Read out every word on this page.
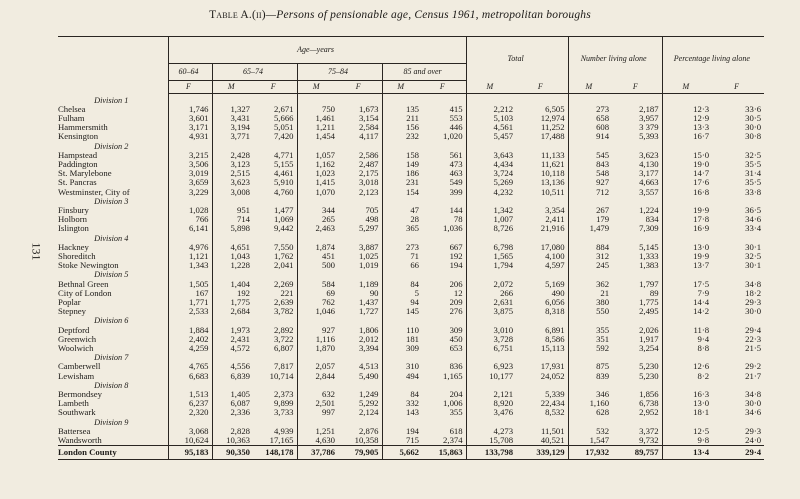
131
Table A.(ii)—Persons of pensionable age, Census 1961, metropolitan boroughs
	Age—years							Total		Number living alone		Percentage living alone	
	60–64	65–74		75–84		85 and over							
	F	M	F	M	F	M	F	M	F	M	F	M	F
Division 1													
Chelsea	1,746	1,327	2,671	750	1,673	135	415	2,212	6,505	273	2,187	12·3	33·6
Fulham	3,601	3,431	5,666	1,461	3,154	211	553	5,103	12,974	658	3,957	12·9	30·5
Hammersmith	3,171	3,194	5,051	1,211	2,584	156	446	4,561	11,252	608	3 379	13·3	30·0
Kensington	4,931	3,771	7,420	1,454	4,117	232	1,020	5,457	17,488	914	5,393	16·7	30·8
Division 2													
Hampstead	3,215	2,428	4,771	1,057	2,586	158	561	3,643	11,133	545	3,623	15·0	32·5
Paddington	3,506	3,123	5,155	1,162	2,487	149	473	4,434	11,621	843	4,130	19·0	35·5
St. Marylebone	3,019	2,515	4,461	1,023	2,175	186	463	3,724	10,118	548	3,177	14·7	31·4
St. Pancras	3,659	3,623	5,910	1,415	3,018	231	549	5,269	13,136	927	4,663	17·6	35·5
Westminster, City of	3,229	3,008	4,760	1,070	2,123	154	399	4,232	10,511	712	3,557	16·8	33·8
Division 3													
Finsbury	1,028	951	1,477	344	705	47	144	1,342	3,354	267	1,224	19·9	36·5
Holborn	766	714	1,069	265	498	28	78	1,007	2,411	179	834	17·8	34·6
Islington	6,141	5,898	9,442	2,463	5,297	365	1,036	8,726	21,916	1,479	7,309	16·9	33·4
Division 4													
Hackney	4,976	4,651	7,550	1,874	3,887	273	667	6,798	17,080	884	5,145	13·0	30·1
Shoreditch	1,121	1,043	1,762	451	1,025	71	192	1,565	4,100	312	1,333	19·9	32·5
Stoke Newington	1,343	1,228	2,041	500	1,019	66	194	1,794	4,597	245	1,383	13·7	30·1
Division 5													
Bethnal Green	1,505	1,404	2,269	584	1,189	84	206	2,072	5,169	362	1,797	17·5	34·8
City of London	167	192	221	69	90	5	12	266	490	21	89	7·9	18·2
Poplar	1,771	1,775	2,639	762	1,437	94	209	2,631	6,056	380	1,775	14·4	29·3
Stepney	2,533	2,684	3,782	1,046	1,727	145	276	3,875	8,318	550	2,495	14·2	30·0
Division 6													
Deptford	1,884	1,973	2,892	927	1,806	110	309	3,010	6,891	355	2,026	11·8	29·4
Greenwich	2,402	2,431	3,722	1,116	2,012	181	450	3,728	8,586	351	1,917	9·4	22·3
Woolwich	4,259	4,572	6,807	1,870	3,394	309	653	6,751	15,113	592	3,254	8·8	21·5
Division 7													
Camberwell	4,765	4,556	7,817	2,057	4,513	310	836	6,923	17,931	875	5,230	12·6	29·2
Lewisham	6,683	6,839	10,714	2,844	5,490	494	1,165	10,177	24,052	839	5,230	8·2	21·7
Division 8													
Bermondsey	1,513	1,405	2,373	632	1,249	84	204	2,121	5,339	346	1,856	16·3	34·8
Lambeth	6,237	6,087	9,899	2,501	5,292	332	1,006	8,920	22,434	1,160	6,738	13·0	30·0
Southwark	2,320	2,336	3,733	997	2,124	143	355	3,476	8,532	628	2,952	18·1	34·6
Division 9													
Battersea	3,068	2,828	4,939	1,251	2,876	194	618	4,273	11,501	532	3,372	12·5	29·3
Wandsworth	10,624	10,363	17,165	4,630	10,358	715	2,374	15,708	40,521	1,547	9,732	9·8	24·0
London County	95,183	90,350	148,178	37,786	79,905	5,662	15,863	133,798	339,129	17,932	89,757	13·4	29·4
